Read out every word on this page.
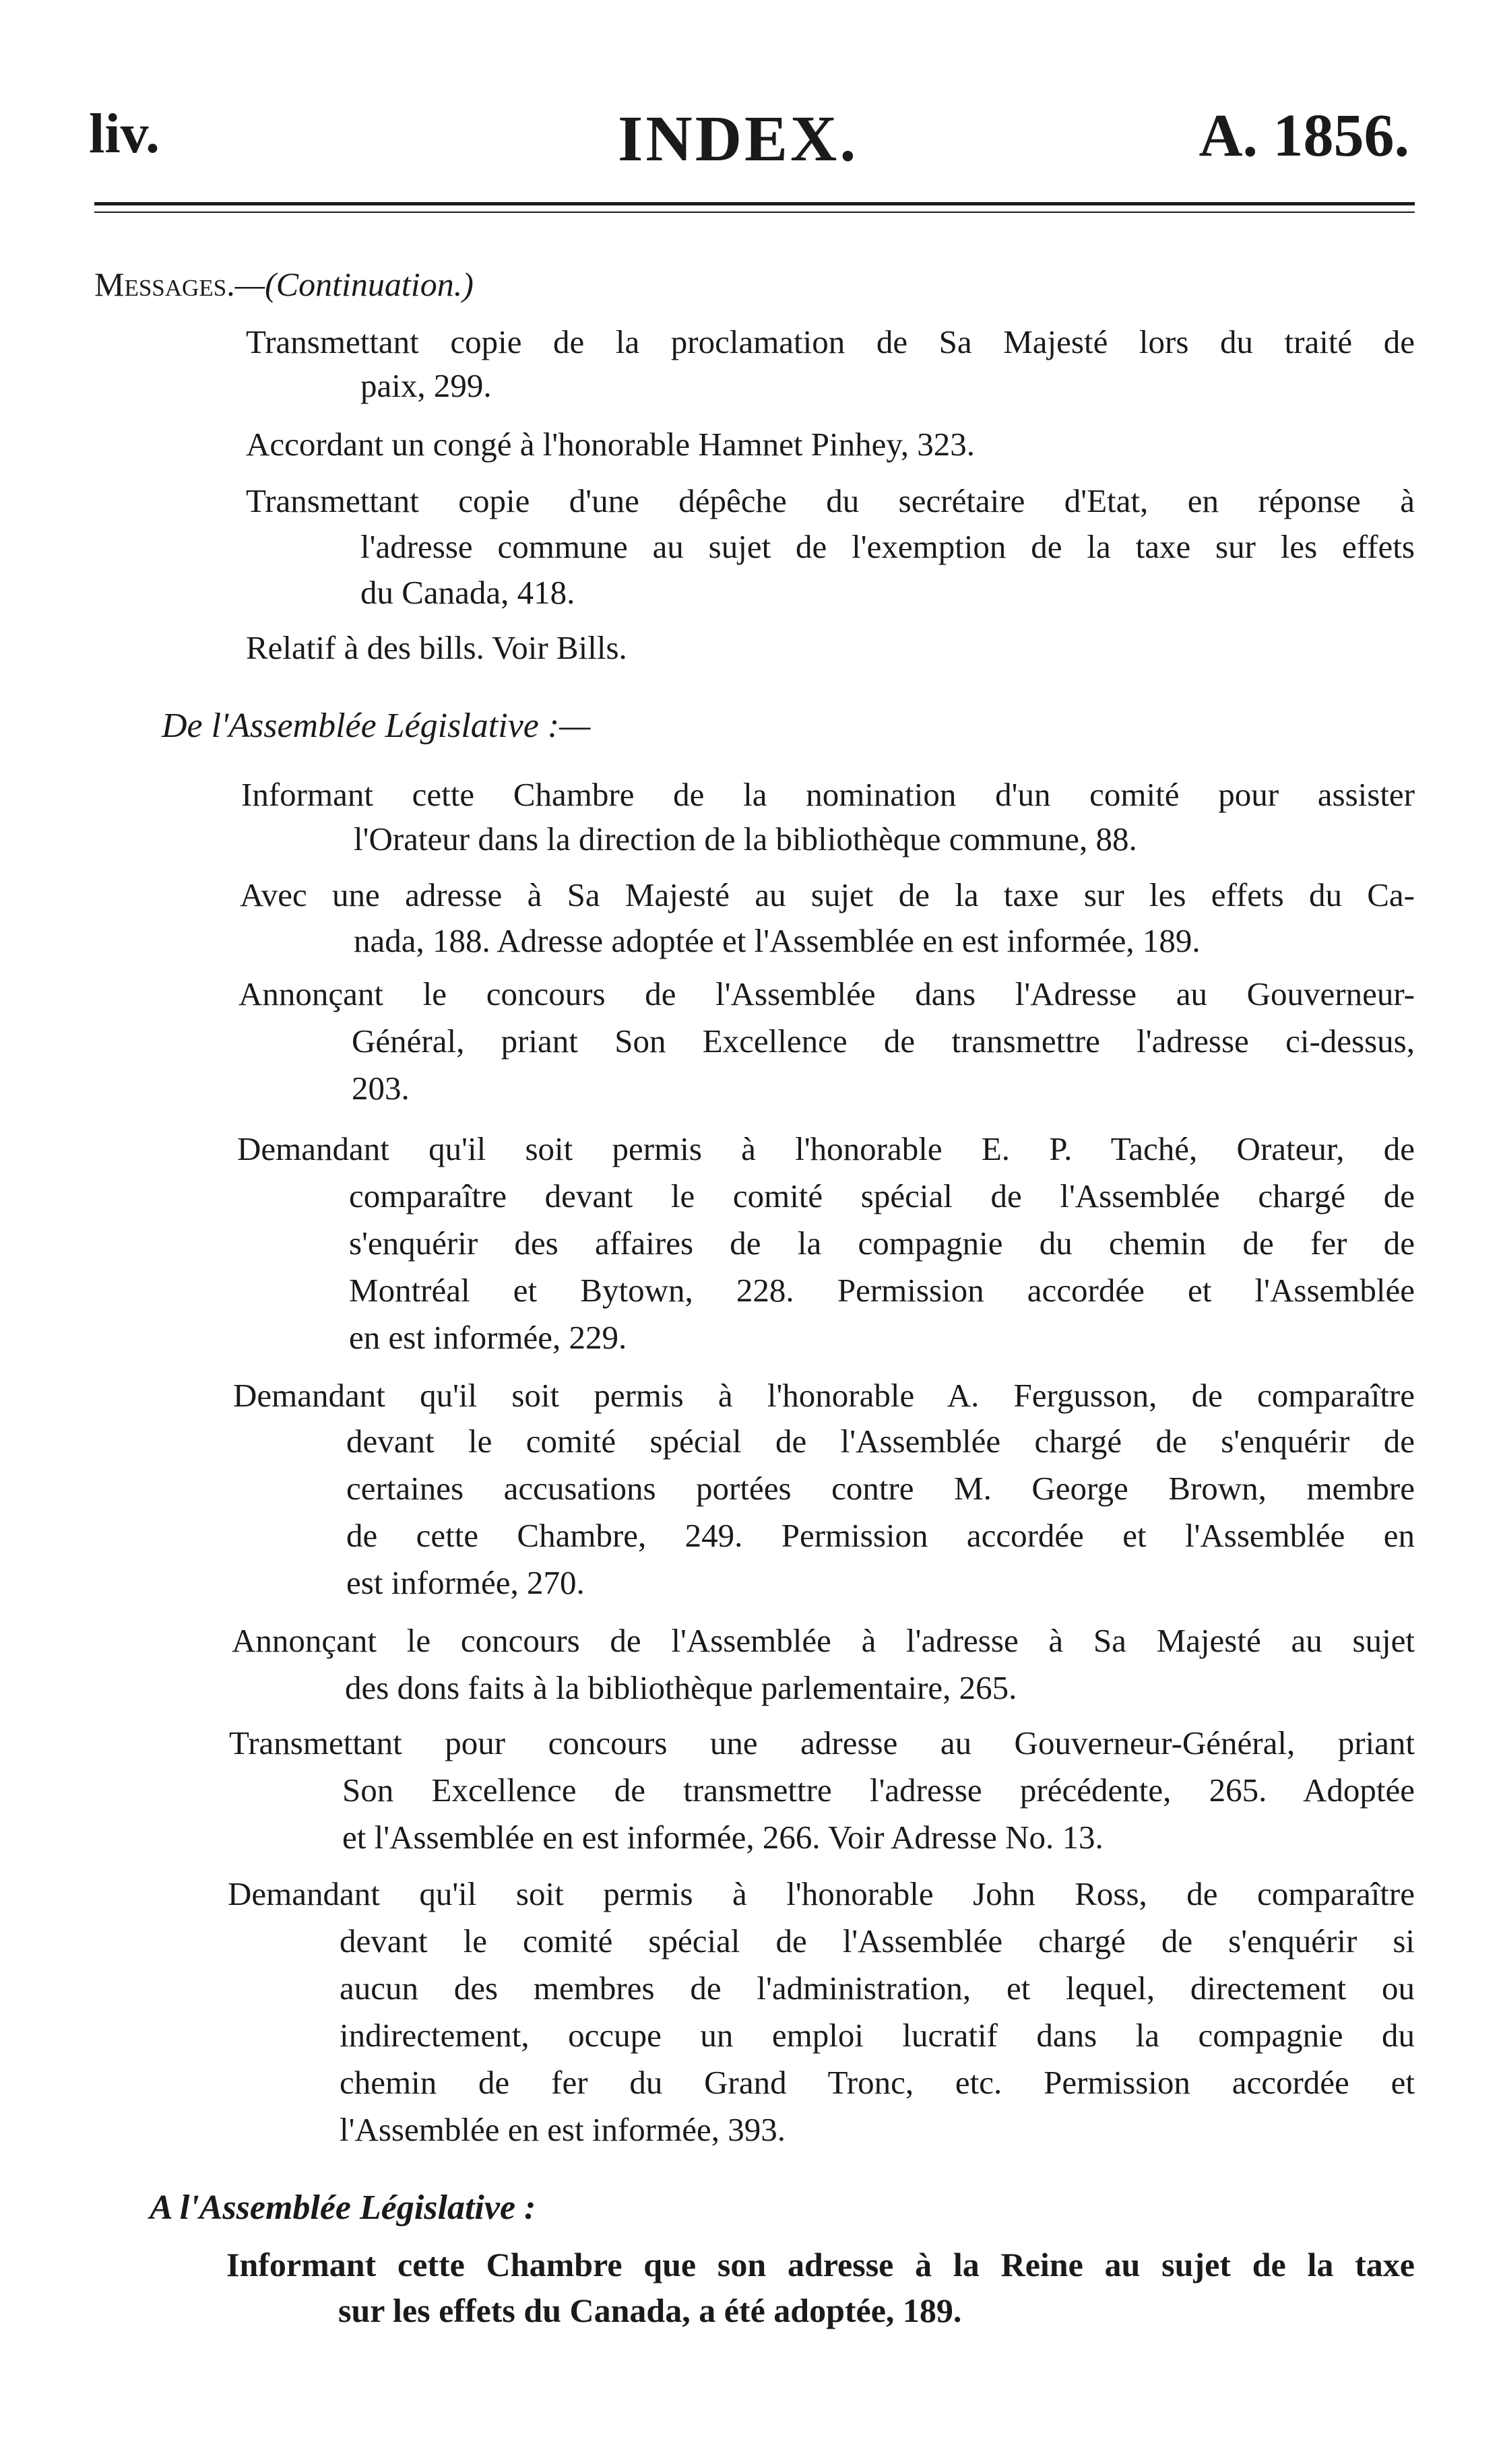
liv.	INDEX.	A. 1856.
Messages.—(Continuation.)
Transmettant copie de la proclamation de Sa Majesté lors du traité de
paix, 299.
Accordant un congé à l'honorable Hamnet Pinhey, 323.
Transmettant copie d'une dépêche du secrétaire d'Etat, en réponse à
l'adresse commune au sujet de l'exemption de la taxe sur les effets
du Canada, 418.
Relatif à des bills. Voir Bills.
De l'Assemblée Législative :—
Informant cette Chambre de la nomination d'un comité pour assister
l'Orateur dans la direction de la bibliothèque commune, 88.
Avec une adresse à Sa Majesté au sujet de la taxe sur les effets du Ca-
nada, 188. Adresse adoptée et l'Assemblée en est informée, 189.
Annonçant le concours de l'Assemblée dans l'Adresse au Gouverneur-
Général, priant Son Excellence de transmettre l'adresse ci-dessus,
203.
Demandant qu'il soit permis à l'honorable E. P. Taché, Orateur, de
comparaître devant le comité spécial de l'Assemblée chargé de
s'enquérir des affaires de la compagnie du chemin de fer de
Montréal et Bytown, 228. Permission accordée et l'Assemblée
en est informée, 229.
Demandant qu'il soit permis à l'honorable A. Fergusson, de comparaître
devant le comité spécial de l'Assemblée chargé de s'enquérir de
certaines accusations portées contre M. George Brown, membre
de cette Chambre, 249. Permission accordée et l'Assemblée en
est informée, 270.
Annonçant le concours de l'Assemblée à l'adresse à Sa Majesté au sujet
des dons faits à la bibliothèque parlementaire, 265.
Transmettant pour concours une adresse au Gouverneur-Général, priant
Son Excellence de transmettre l'adresse précédente, 265. Adoptée
et l'Assemblée en est informée, 266. Voir Adresse No. 13.
Demandant qu'il soit permis à l'honorable John Ross, de comparaître
devant le comité spécial de l'Assemblée chargé de s'enquérir si
aucun des membres de l'administration, et lequel, directement ou
indirectement, occupe un emploi lucratif dans la compagnie du
chemin de fer du Grand Tronc, etc. Permission accordée et
l'Assemblée en est informée, 393.
A l'Assemblée Législative :
Informant cette Chambre que son adresse à la Reine au sujet de la taxe
sur les effets du Canada, a été adoptée, 189.
